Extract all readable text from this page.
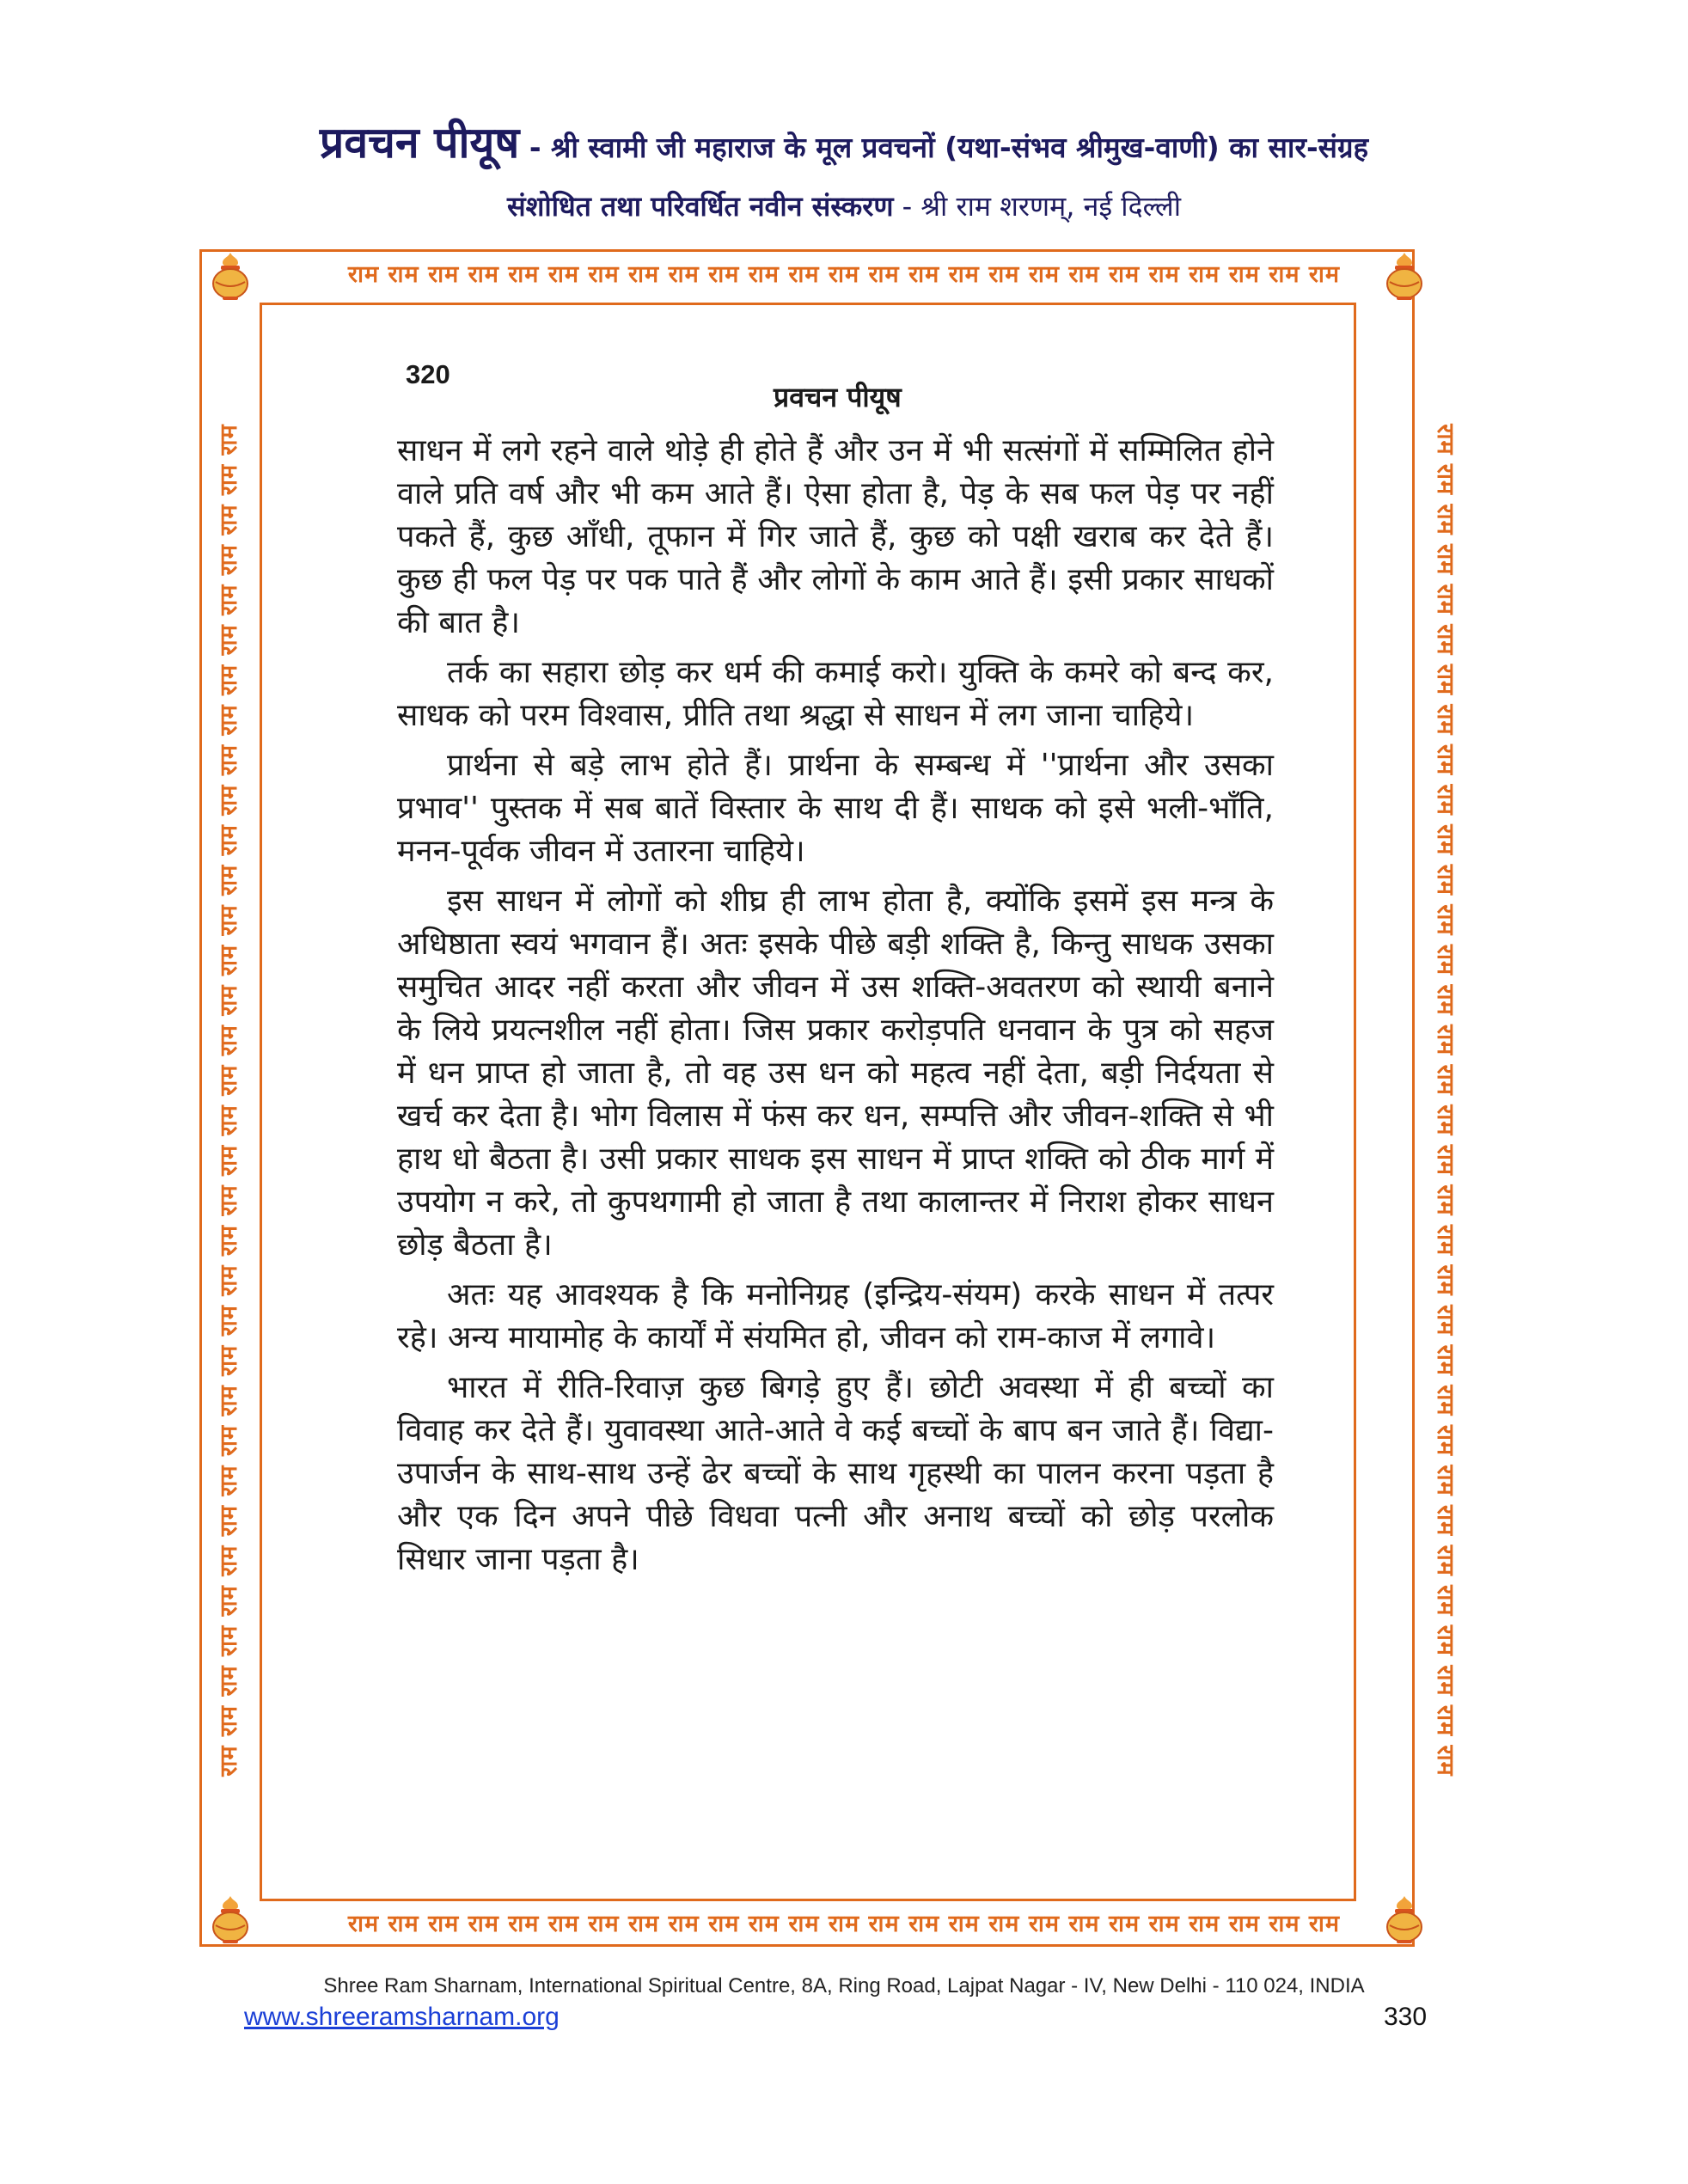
प्रवचन पीयूष - श्री स्वामी जी महाराज के मूल प्रवचनों (यथा-संभव श्रीमुख-वाणी) का सार-संग्रह
संशोधित तथा परिवर्धित नवीन संस्करण - श्री राम शरणम्, नई दिल्ली
राम राम राम राम राम राम राम राम राम राम राम राम राम राम राम राम राम राम राम राम राम राम राम राम राम
राम राम राम राम राम राम राम राम राम राम राम राम राम राम राम राम राम राम राम राम राम राम राम राम राम
राम राम राम राम राम राम राम राम राम राम राम राम राम राम राम राम राम राम राम राम राम राम राम राम राम राम राम राम राम राम राम राम राम राम	राम राम राम राम राम राम राम राम राम राम राम राम राम राम राम राम राम राम राम राम राम राम राम राम राम राम राम राम राम राम राम राम राम राम
320
प्रवचन पीयूष

साधन में लगे रहने वाले थोड़े ही होते हैं और उन में भी सत्संगों में सम्मिलित होने वाले प्रति वर्ष और भी कम आते हैं। ऐसा होता है, पेड़ के सब फल पेड़ पर नहीं पकते हैं, कुछ आँधी, तूफान में गिर जाते हैं, कुछ को पक्षी खराब कर देते हैं। कुछ ही फल पेड़ पर पक पाते हैं और लोगों के काम आते हैं। इसी प्रकार साधकों की बात है।

तर्क का सहारा छोड़ कर धर्म की कमाई करो। युक्ति के कमरे को बन्द कर, साधक को परम विश्वास, प्रीति तथा श्रद्धा से साधन में लग जाना चाहिये।

प्रार्थना से बड़े लाभ होते हैं। प्रार्थना के सम्बन्ध में ''प्रार्थना और उसका प्रभाव'' पुस्तक में सब बातें विस्तार के साथ दी हैं। साधक को इसे भली-भाँति, मनन-पूर्वक जीवन में उतारना चाहिये।

इस साधन में लोगों को शीघ्र ही लाभ होता है, क्योंकि इसमें इस मन्त्र के अधिष्ठाता स्वयं भगवान हैं। अतः इसके पीछे बड़ी शक्ति है, किन्तु साधक उसका समुचित आदर नहीं करता और जीवन में उस शक्ति-अवतरण को स्थायी बनाने के लिये प्रयत्नशील नहीं होता। जिस प्रकार करोड़पति धनवान के पुत्र को सहज में धन प्राप्त हो जाता है, तो वह उस धन को महत्व नहीं देता, बड़ी निर्दयता से खर्च कर देता है। भोग विलास में फंस कर धन, सम्पत्ति और जीवन-शक्ति से भी हाथ धो बैठता है। उसी प्रकार साधक इस साधन में प्राप्त शक्ति को ठीक मार्ग में उपयोग न करे, तो कुपथगामी हो जाता है तथा कालान्तर में निराश होकर साधन छोड़ बैठता है।

अतः यह आवश्यक है कि मनोनिग्रह (इन्द्रिय-संयम) करके साधन में तत्पर रहे। अन्य मायामोह के कार्यों में संयमित हो, जीवन को राम-काज में लगावे।

भारत में रीति-रिवाज़ कुछ बिगड़े हुए हैं। छोटी अवस्था में ही बच्चों का विवाह कर देते हैं। युवावस्था आते-आते वे कई बच्चों के बाप बन जाते हैं। विद्या-उपार्जन के साथ-साथ उन्हें ढेर बच्चों के साथ गृहस्थी का पालन करना पड़ता है और एक दिन अपने पीछे विधवा पत्नी और अनाथ बच्चों को छोड़ परलोक सिधार जाना पड़ता है।

Shree Ram Sharnam, International Spiritual Centre, 8A, Ring Road, Lajpat Nagar - IV, New Delhi - 110 024, INDIA
www.shreeramsharnam.org	330
